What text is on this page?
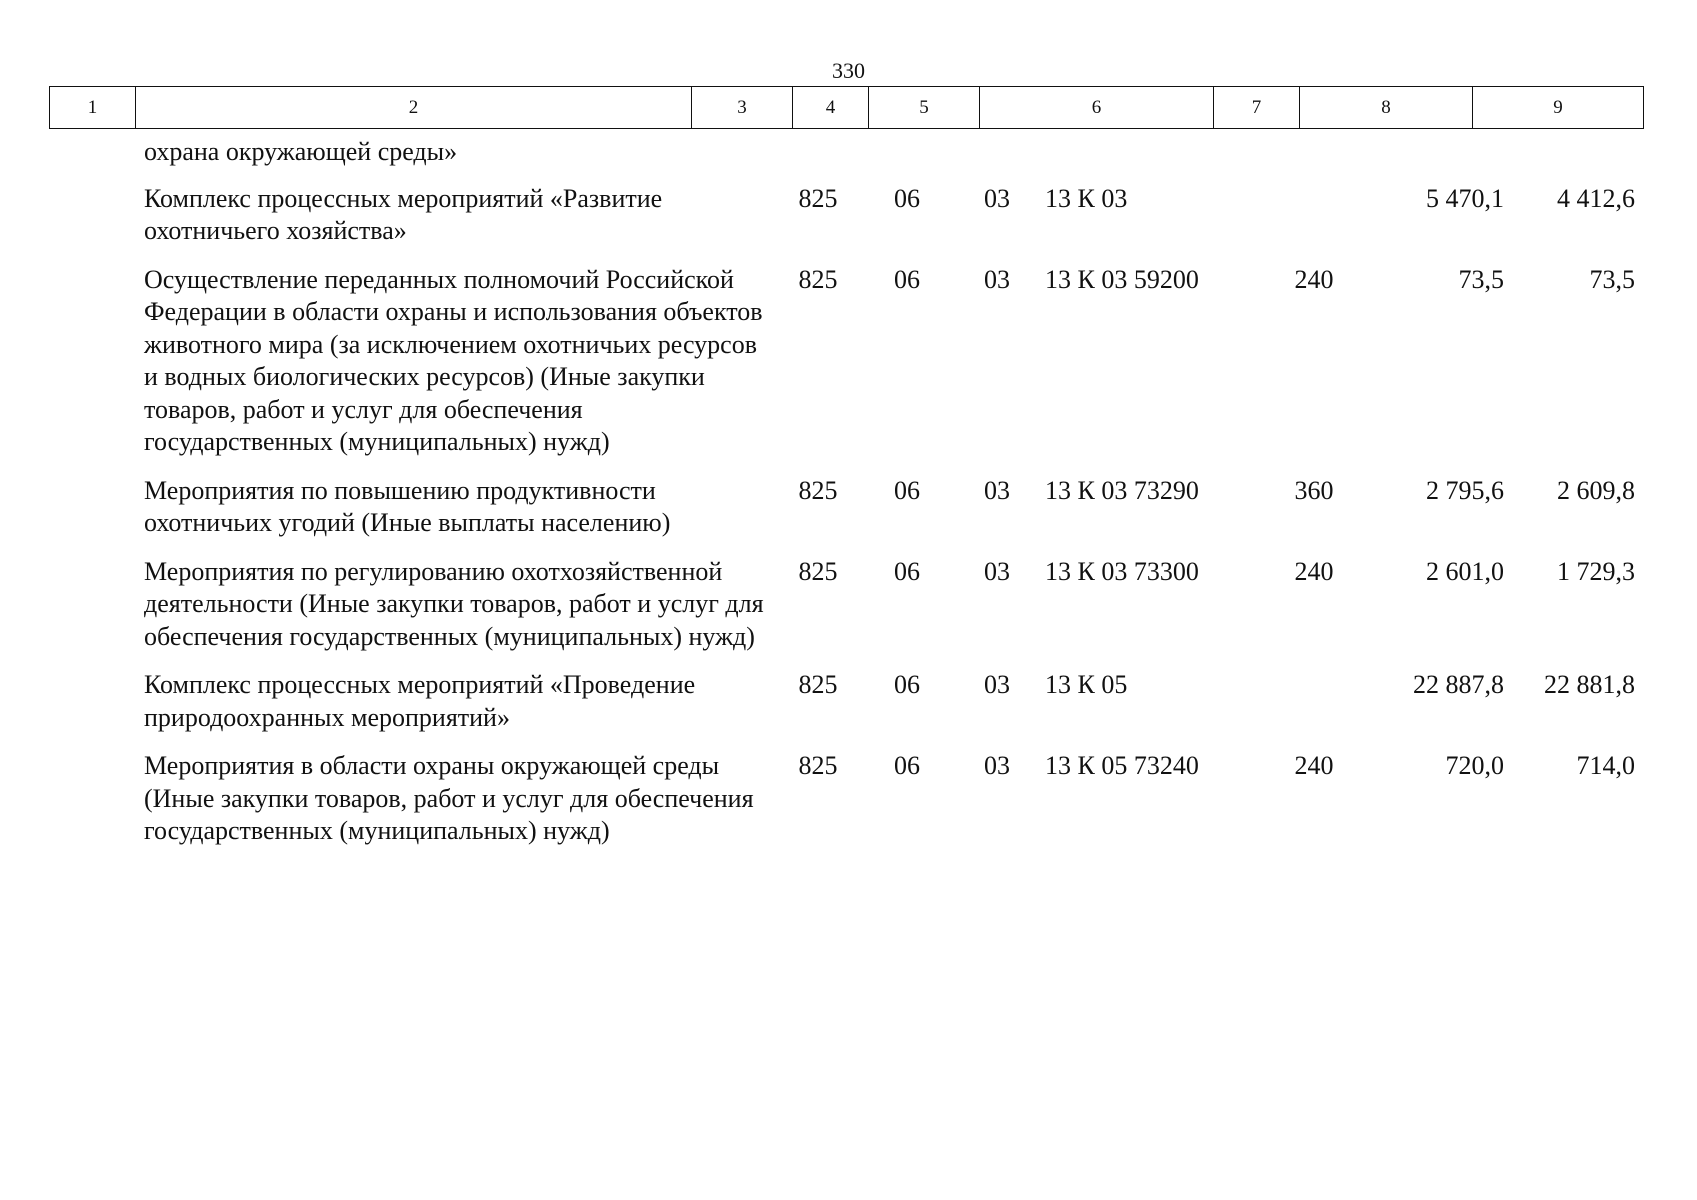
330
1	2	3	4	5	6	7	8	9
охрана окружающей среды»							
Комплекс процессных мероприятий «Развитие охотничьего хозяйства»	825	06	03	13 К 03		5 470,1	4 412,6
Осуществление переданных полномочий Российской Федерации в области охраны и использования объектов животного мира (за исключением охотничьих ресурсов и водных биологических ресурсов) (Иные закупки товаров, работ и услуг для обеспечения государственных (муниципальных) нужд)	825	06	03	13 К 03 59200	240	73,5	73,5
Мероприятия по повышению продуктивности охотничьих угодий (Иные выплаты населению)	825	06	03	13 К 03 73290	360	2 795,6	2 609,8
Мероприятия по регулированию охотхозяйственной деятельности (Иные закупки товаров, работ и услуг для обеспечения государственных (муниципальных) нужд)	825	06	03	13 К 03 73300	240	2 601,0	1 729,3
Комплекс процессных мероприятий «Проведение природоохранных мероприятий»	825	06	03	13 К 05		22 887,8	22 881,8
Мероприятия в области охраны окружающей среды (Иные закупки товаров, работ и услуг для обеспечения государственных (муниципальных) нужд)	825	06	03	13 К 05 73240	240	720,0	714,0
